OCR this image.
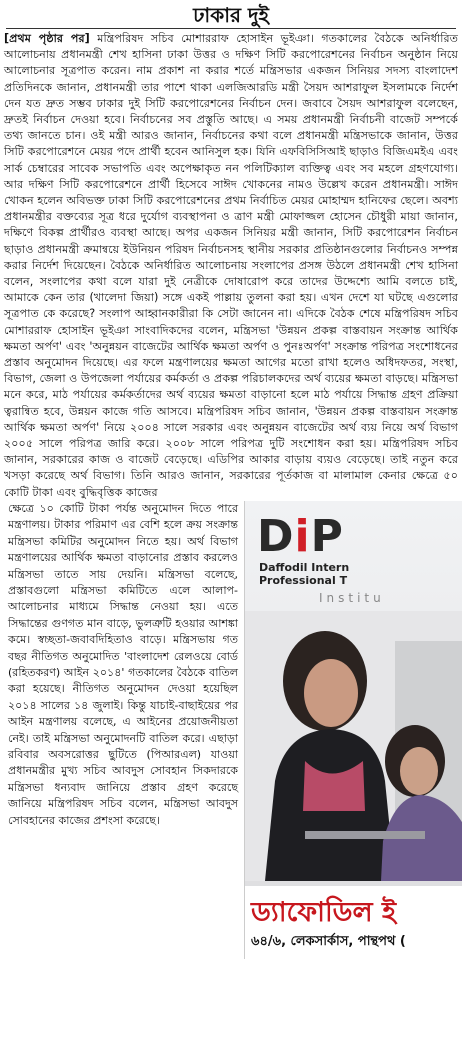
ঢাকার দুই

[প্রথম পৃষ্ঠার পর] মন্ত্রিপরিষদ সচিব মোশাররাফ হোসাইন ভূইঞা। গতকালের বৈঠকে অনির্ধারিত আলোচনায় প্রধানমন্ত্রী শেখ হাসিনা ঢাকা উত্তর ও দক্ষিণ সিটি করপোরেশনের নির্বাচন অনুষ্ঠান নিয়ে আলোচনার সূত্রপাত করেন। নাম প্রকাশ না করার শর্তে মন্ত্রিসভার একজন সিনিয়র সদস্য বাংলাদেশ প্রতিদিনকে জানান, প্রধানমন্ত্রী তার পাশে থাকা এলজিআরডি মন্ত্রী সৈয়দ আশরাফুল ইসলামকে নির্দেশ দেন যত দ্রুত সম্ভব ঢাকার দুই সিটি করপোরেশনের নির্বাচন দেন। জবাবে সৈয়দ আশরাফুল বলেছেন, দ্রুতই নির্বাচন দেওয়া হবে। নির্বাচনের সব প্রস্তুতি আছে। এ সময় প্রধানমন্ত্রী নির্বাচনী বাজেট সম্পর্কে তথ্য জানতে চান। ওই মন্ত্রী আরও জানান, নির্বাচনের কথা বলে প্রধানমন্ত্রী মন্ত্রিসভাকে জানান, উত্তর সিটি করপোরেশনে মেয়র পদে প্রার্থী হবেন আনিসুল হক। যিনি এফবিসিসিআই ছাড়াও বিজিএমইএ এবং সার্ক চেম্বারের সাবেক সভাপতি এবং অপেক্ষাকৃত নন পলিটিক্যাল ব্যক্তিত্ব এবং সব মহলে গ্রহণযোগ্য। আর দক্ষিণ সিটি করপোরেশনে প্রার্থী হিসেবে সাঈদ খোকনের নামও উল্লেখ করেন প্রধানমন্ত্রী। সাঈদ খোকন হলেন অবিভক্ত ঢাকা সিটি করপোরেশনের প্রথম নির্বাচিত মেয়র মোহাম্মদ হানিফের ছেলে। অবশ্য প্রধানমন্ত্রীর বক্তব্যের সূত্র ধরে দুর্যোগ ব্যবস্থাপনা ও ত্রাণ মন্ত্রী মোফাজ্জল হোসেন চৌধুরী মায়া জানান, দক্ষিণে বিকল্প প্রার্থীরও ব্যবস্থা আছে। অপর একজন সিনিয়র মন্ত্রী জানান, সিটি করপোরেশন নির্বাচন ছাড়াও প্রধানমন্ত্রী ক্রমান্বয়ে ইউনিয়ন পরিষদ নির্বাচনসহ স্থানীয় সরকার প্রতিষ্ঠানগুলোর নির্বাচনও সম্পন্ন করার নির্দেশ দিয়েছেন। বৈঠকে অনির্ধারিত আলোচনায় সংলাপের প্রসঙ্গ উঠলে প্রধানমন্ত্রী শেখ হাসিনা বলেন, সংলাপের কথা বলে যারা দুই নেত্রীকে দোষারোপ করে তাদের উদ্দেশ্যে আমি বলতে চাই, আমাকে কেন তার (খালেদা জিয়া) সঙ্গে একই পাল্লায় তুলনা করা হয়। এখন দেশে যা ঘটছে এগুলোর সূত্রপাত কে করেছে? সংলাপ আহ্বানকারীরা কি সেটা জানেন না। এদিকে বৈঠক শেষে মন্ত্রিপরিষদ সচিব মোশাররাফ হোসাইন ভূইঞা সাংবাদিকদের বলেন, মন্ত্রিসভা 'উন্নয়ন প্রকল্প বাস্তবায়ন সংক্রান্ত আর্থিক ক্ষমতা অর্পণ' এবং 'অনুন্নয়ন বাজেটের আর্থিক ক্ষমতা অর্পণ ও পুনঃঅর্পণ' সংক্রান্ত পরিপত্র সংশোধনের প্রস্তাব অনুমোদন দিয়েছে। এর ফলে মন্ত্রণালয়ের ক্ষমতা আগের মতো রাখা হলেও অধিদফতর, সংস্থা, বিভাগ, জেলা ও উপজেলা পর্যায়ের কর্মকর্তা ও প্রকল্প পরিচালকদের অর্থ ব্যয়ের ক্ষমতা বাড়ছে। মন্ত্রিসভা মনে করে, মাঠ পর্যায়ের কর্মকর্তাদের অর্থ ব্যয়ের ক্ষমতা বাড়ানো হলে মাঠ পর্যায়ে সিদ্ধান্ত গ্রহণ প্রক্রিয়া ত্বরান্বিত হবে, উন্নয়ন কাজে গতি আসবে। মন্ত্রিপরিষদ সচিব জানান, 'উন্নয়ন প্রকল্প বাস্তবায়ন সংক্রান্ত আর্থিক ক্ষমতা অর্পণ' নিয়ে ২০০৪ সালে সরকার এবং অনুন্নয়ন বাজেটের অর্থ ব্যয় নিয়ে অর্থ বিভাগ ২০০৫ সালে পরিপত্র জারি করে। ২০০৮ সালে পরিপত্র দুটি সংশোধন করা হয়। মন্ত্রিপরিষদ সচিব জানান, সরকারের কাজ ও বাজেট বেড়েছে। এডিপির আকার বাড়ায় ব্যয়ও বেড়েছে। তাই নতুন করে খসড়া করেছে অর্থ বিভাগ। তিনি আরও জানান, সরকারের পূর্তকাজ বা মালামাল কেনার ক্ষেত্রে ৫০ কোটি টাকা এবং বুদ্ধিবৃত্তিক কাজের

ক্ষেত্রে ১০ কোটি টাকা পর্যন্ত অনুমোদন দিতে পারে মন্ত্রণালয়। টাকার পরিমাণ এর বেশি হলে ক্রয় সংক্রান্ত মন্ত্রিসভা কমিটির অনুমোদন নিতে হয়। অর্থ বিভাগ মন্ত্রণালয়ের আর্থিক ক্ষমতা বাড়ানোর প্রস্তাব করলেও মন্ত্রিসভা তাতে সায় দেয়নি। মন্ত্রিসভা বলেছে, প্রস্তাবগুলো মন্ত্রিসভা কমিটিতে এলে আলাপ-আলোচনার মাধ্যমে সিদ্ধান্ত নেওয়া হয়। এতে সিদ্ধান্তের গুণগত মান বাড়ে, ভুলত্রুটি হওয়ার আশঙ্কা কমে। স্বচ্ছতা-জবাবদিহিতাও বাড়ে। মন্ত্রিসভায় গত বছর নীতিগত অনুমোদিত 'বাংলাদেশ রেলওয়ে বোর্ড (রহিতকরণ) আইন ২০১৪' গতকালের বৈঠকে বাতিল করা হয়েছে। নীতিগত অনুমোদন দেওয়া হয়েছিল ২০১৪ সালের ১৪ জুলাই। কিন্তু যাচাই-বাছাইয়ের পর আইন মন্ত্রণালয় বলেছে, এ আইনের প্রয়োজনীয়তা নেই। তাই মন্ত্রিসভা অনুমোদনটি বাতিল করে। এছাড়া রবিবার অবসরোত্তর ছুটিতে (পিআরএল) যাওয়া প্রধানমন্ত্রীর মুখ্য সচিব আবদুস সোবহান সিকদারকে মন্ত্রিসভা ধন্যবাদ জানিয়ে প্রস্তাব গ্রহণ করেছে জানিয়ে মন্ত্রিপরিষদ সচিব বলেন, মন্ত্রিসভা আবদুস সোবহানের কাজের প্রশংসা করেছে।

DiP
Daffodil Intern
Professional T
Institu
ড্যাফোডিল ই
৬৪/৬, লেকসার্কাস, পান্থপথ (
